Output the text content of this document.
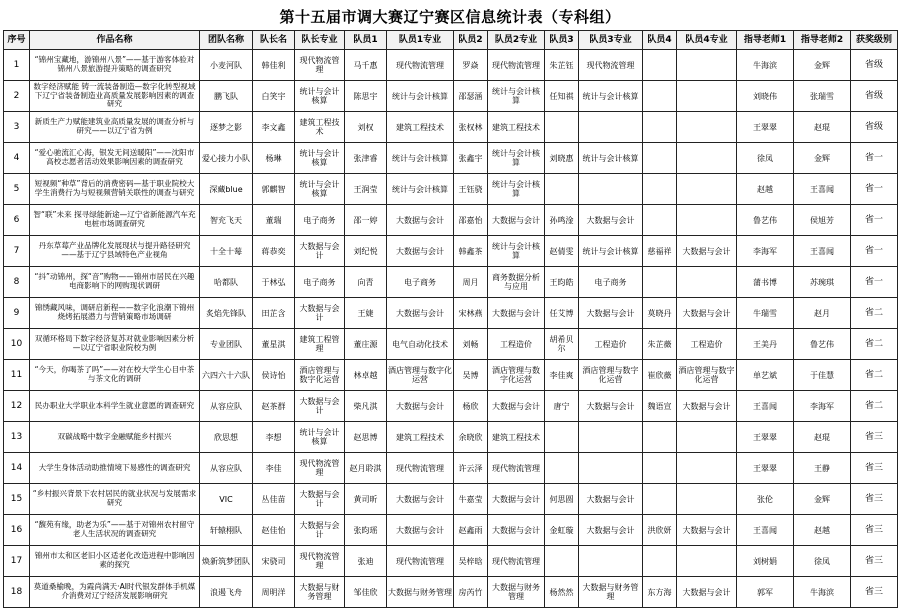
第十五届市调大赛辽宁赛区信息统计表（专科组）
序号	作品名称	团队名称	队长名	队长专业	队员1	队员1专业	队员2	队员2专业	队员3	队员3专业	队员4	队员4专业	指导老师1	指导老师2	获奖级别
1	“锦州宝藏地，游锦州八景”——基于游客体验对锦州八景旅游提升策略的调查研究	小麦河队	韩佳利	现代物流管理	马千惠	现代物流管理	罗焱	现代物流管理	朱芷钰	现代物流管理			牛海滨	金辉	省级
2	数字经济赋能 铸一流装备制造—数字化转型视域下辽宁省装备制造业高质量发展影响因素的调查研究	鹏飞队	白笑宇	统计与会计核算	陈思宇	统计与会计核算	邵瑟涵	统计与会计核算	任知祺	统计与会计核算			刘晓伟	张瑞雪	省级
3	新质生产力赋能建筑业高质量发展的调查分析与研究——以辽宁省为例	逐梦之影	李文鑫	建筑工程技术	刘权	建筑工程技术	张权林	建筑工程技术					王翠翠	赵琨	省级
4	“爱心驰流汇心海，银发无间送暖阳”——沈阳市高校志愿者活动效果影响因素的调查研究	爱心接力小队	杨琳	统计与会计核算	张津睿	统计与会计核算	张鑫宇	统计与会计核算	刘晓惠	统计与会计核算			徐凤	金辉	省一
5	短视频“种草”背后的消费密码—基于职业院校大学生消费行为与短视频营销关联性的调查与研究	深藏blue	郭麒智	统计与会计核算	王润莹	统计与会计核算	王钰骁	统计与会计核算					赵越	王喜闻	省一
6	智“联”未来 探寻绿能新途—辽宁省新能源汽车充电桩市场调查研究	智充飞天	董瑞	电子商务	邵一婷	大数据与会计	邵嘉怡	大数据与会计	孙鸣淦	大数据与会计			鲁艺伟	侯旭芳	省一
7	丹东草莓产业品牌化发展现状与提升路径研究——基于辽宁县域特色产业视角	十全十莓	蒋恭奕	大数据与会计	刘纪悦	大数据与会计	韩鑫茶	统计与会计核算	赵倩雯	统计与会计核算	慈福祥	大数据与会计	李海军	王喜闻	省一
8	“抖”动锦州，探“音”购物——锦州市居民在兴趣电商影响下的网购现状调研	哈都队	于林弘	电子商务	向青	电子商务	周月	商务数据分析与应用	王昀皓	电子商务			蒲书博	苏琬琪	省一
9	锦绣藏风味，调研启新程——数字化浪潮下锦州烧烤拓展潜力与营销策略市场调研	炙焰先锋队	田芷含	大数据与会计	王婕	大数据与会计	宋林燕	大数据与会计	任艾博	大数据与会计	莫晓丹	大数据与会计	牛瑞雪	赵月	省二
10	双循环格局下数字经济复苏对就业影响因素分析—以辽宁省职业院校为例	专业团队	董星淇	建筑工程管理	董庄源	电气自动化技术	刘畅	工程造价	胡希贝尔	工程造价	朱芷薇	工程造价	王美丹	鲁艺伟	省二
11	“今天，你喝茶了吗”——对在校大学生心目中茶与茶文化的调研	六四六十六队	侯诗怡	酒店管理与数字化运营	林卓越	酒店管理与数字化运营	吴博	酒店管理与数字化运营	李佳爽	酒店管理与数字化运营	崔欣薇	酒店管理与数字化运营	单艺斌	于佳慧	省二
12	民办职业大学职业本科学生就业意愿的调查研究	从容应队	赵茶群	大数据与会计	柴凡淇	大数据与会计	杨欣	大数据与会计	唐宁	大数据与会计	魏语宣	大数据与会计	王喜闻	李海军	省二
13	双碳战略中数字金融赋能乡村振兴	欣思想	李想	统计与会计核算	赵思博	建筑工程技术	余晓欣	建筑工程技术					王翠翠	赵琨	省三
14	大学生身体活动助推情境下易感性的调查研究	从容应队	李佳	现代物流管理	赵月聆淇	现代物流管理	许云泽	现代物流管理					王翠翠	王静	省三
15	“乡村振兴背景下农村居民的就业状况与发展需求研究	VIC	丛佳苗	大数据与会计	黄司昕	大数据与会计	牛嘉莹	大数据与会计	何思圆	大数据与会计			张伦	金辉	省三
16	“馥苑有缘，助老为乐”——基于对锦州农村留守老人生活状况的调查研究	轩辕栩队	赵佳怡	大数据与会计	张昀瑶	大数据与会计	赵鑫雨	大数据与会计	金虹璇	大数据与会计	洪欣妍	大数据与会计	王喜闻	赵越	省三
17	锦州市太和区老旧小区适老化改造进程中影响因素的探究	焕新筑梦团队	宋骁司	现代物流管理	张迪	现代物流管理	吴梓晗	现代物流管理					刘树娟	徐凤	省三
18	莫道桑榆晚，为霞尚满天·AI时代银发群体手机媒介消费对辽宁经济发展影响研究	浪遏飞舟	周明洋	大数据与财务管理	邹佳欣	大数据与财务管理	房芮竹	大数据与财务管理	杨然然	大数据与财务管理	东方海	大数据与会计	郭军	牛海滨	省三
